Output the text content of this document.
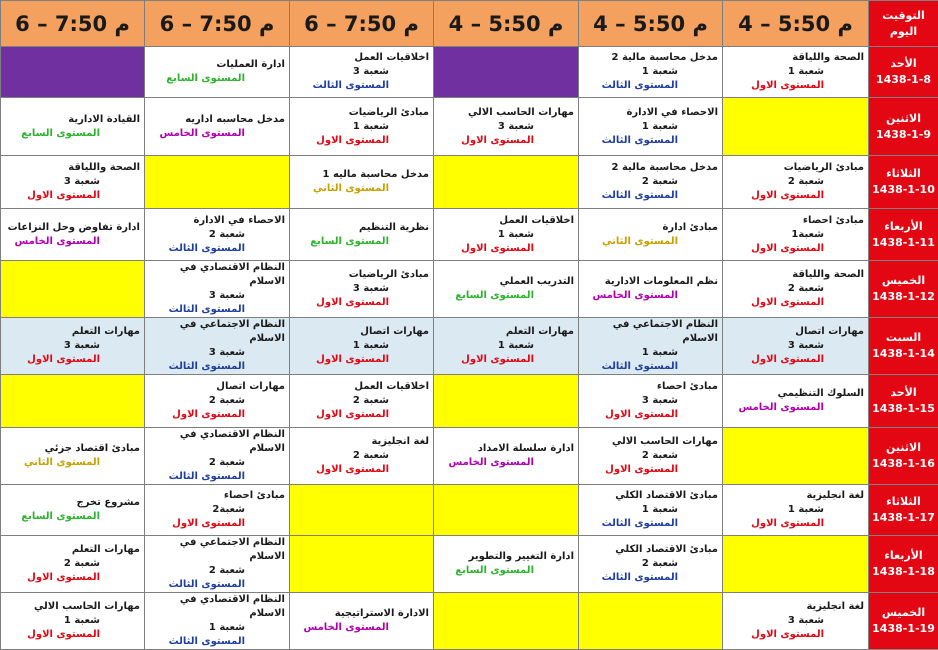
التوقيت
اليوم	4 – 5:50 م	4 – 5:50 م	4 – 5:50 م	6 – 7:50 م	6 – 7:50 م	6 – 7:50 م

الأحد
1438-1-8	الصحة واللياقة
شعبة 1
المستوى الاول	مدخل محاسبة مالية 2
شعبة 1
المستوى الثالث		اخلاقيات العمل
شعبة 3
المستوى الثالث	ادارة العمليات
المستوى السابع	

الاثنين
1438-1-9		الاحصاء في الادارة
شعبة 1
المستوى الثالث	مهارات الحاسب الالي
شعبة 3
المستوى الاول	مبادئ الرياضيات
شعبة 1
المستوى الاول	مدخل محاسبه اداريه
المستوى الخامس	القيادة الادارية
المستوى السابع

الثلاثاء
1438-1-10	مبادئ الرياضيات
شعبة 2
المستوى الاول	مدخل محاسبة مالية 2
شعبة 2
المستوى الثالث		مدخل محاسبة ماليه 1
المستوى الثاني		الصحة واللياقة
شعبة 3
المستوى الاول

الأربعاء
1438-1-11	مبادئ احصاء
شعبة1
المستوى الاول	مبادئ ادارة
المستوى الثاني	اخلاقيات العمل
شعبة 1
المستوى الاول	نظرية التنظيم
المستوى السابع	الاحصاء في الادارة
شعبة 2
المستوى الثالث	ادارة تفاوض وحل النزاعات
المستوى الخامس

الخميس
1438-1-12	الصحة واللياقة
شعبة 2
المستوى الاول	نظم المعلومات الادارية
المستوى الخامس	التدريب العملي
المستوى السابع	مبادئ الرياضيات
شعبة 3
المستوى الاول	النظام الاقتصادي في الاسلام
شعبة 3
المستوى الثالث	

السبت
1438-1-14	مهارات اتصال
شعبة 3
المستوى الاول	النظام الاجتماعي في الاسلام
شعبة 1
المستوى الثالث	مهارات التعلم
شعبة 1
المستوى الاول	مهارات اتصال
شعبة 1
المستوى الاول	النظام الاجتماعي في الاسلام
شعبة 3
المستوى الثالث	مهارات التعلم
شعبة 3
المستوى الاول

الأحد
1438-1-15	السلوك التنظيمي
المستوى الخامس	مبادئ احصاء
شعبة 3
المستوى الاول		اخلاقيات العمل
شعبة 2
المستوى الاول	مهارات اتصال
شعبة 2
المستوى الاول	

الاثنين
1438-1-16		مهارات الحاسب الالي
شعبة 2
المستوى الاول	ادارة سلسلة الامداد
المستوى الخامس	لغة انجليزية
شعبة 2
المستوى الاول	النظام الاقتصادي في الاسلام
شعبة 2
المستوى الثالث	مبادئ اقتصاد جزئي
المستوى الثاني

الثلاثاء
1438-1-17	لغة انجليزية
شعبة 1
المستوى الاول	مبادئ الاقتصاد الكلي
شعبة 1
المستوى الثالث			مبادئ احصاء
شعبة2
المستوى الاول	مشروع تخرج
المستوى السابع

الأربعاء
1438-1-18		مبادئ الاقتصاد الكلي
شعبة 2
المستوى الثالث	ادارة التغيير والتطوير
المستوى السابع		النظام الاجتماعي في الاسلام
شعبة 2
المستوى الثالث	مهارات التعلم
شعبة 2
المستوى الاول

الخميس
1438-1-19	لغة انجليزية
شعبة 3
المستوى الاول			الادارة الاستراتيجية
المستوى الخامس	النظام الاقتصادي في الاسلام
شعبة 1
المستوى الثالث	مهارات الحاسب الالي
شعبة 1
المستوى الاول
